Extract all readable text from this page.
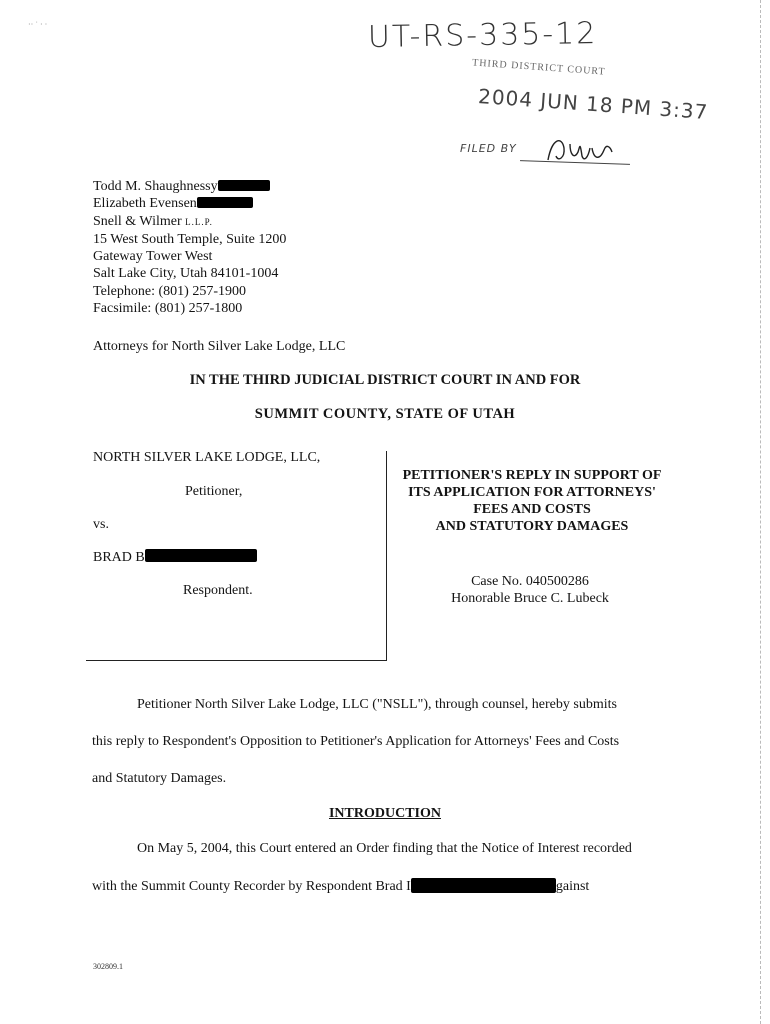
·· ˙ · ·	UT-RS-335-12
THIRD DISTRICT COURT
2004 JUN 18 PM 3:37
FILED BY
Todd M. Shaughnessy
Elizabeth Evensen
Snell & Wilmer L.L.P.
15 West South Temple, Suite 1200
Gateway Tower West
Salt Lake City, Utah 84101-1004
Telephone: (801) 257-1900
Facsimile: (801) 257-1800
Attorneys for North Silver Lake Lodge, LLC
IN THE THIRD JUDICIAL DISTRICT COURT IN AND FOR
SUMMIT COUNTY, STATE OF UTAH
NORTH SILVER LAKE LODGE, LLC,
Petitioner,
vs.
BRAD B
Respondent.
PETITIONER'S REPLY IN SUPPORT OF
ITS APPLICATION FOR ATTORNEYS'
FEES AND COSTS
AND STATUTORY DAMAGES
Case No. 040500286
Honorable Bruce C. Lubeck
Petitioner North Silver Lake Lodge, LLC ("NSLL"), through counsel, hereby submits
this reply to Respondent's Opposition to Petitioner's Application for Attorneys' Fees and Costs
and Statutory Damages.
INTRODUCTION
On May 5, 2004, this Court entered an Order finding that the Notice of Interest recorded
with the Summit County Recorder by Respondent Brad I	gainst
302809.1
